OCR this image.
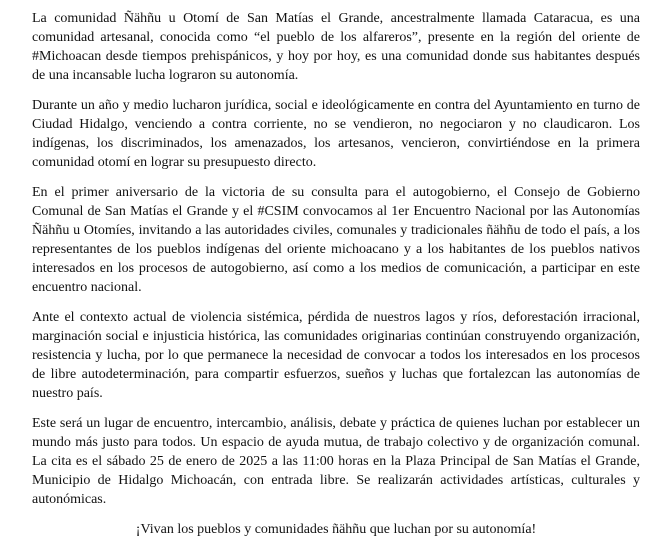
La comunidad Ñähñu u Otomí de San Matías el Grande, ancestralmente llamada Cataracua, es una comunidad artesanal, conocida como “el pueblo de los alfareros”, presente en la región del oriente de #Michoacan desde tiempos prehispánicos, y hoy por hoy, es una comunidad donde sus habitantes después de una incansable lucha lograron su autonomía.

Durante un año y medio lucharon jurídica, social e ideológicamente en contra del Ayuntamiento en turno de Ciudad Hidalgo, venciendo a contra corriente, no se vendieron, no negociaron y no claudicaron. Los indígenas, los discriminados, los amenazados, los artesanos, vencieron, convirtiéndose en la primera comunidad otomí en lograr su presupuesto directo.

En el primer aniversario de la victoria de su consulta para el autogobierno, el Consejo de Gobierno Comunal de San Matías el Grande y el #CSIM convocamos al 1er Encuentro Nacional por las Autonomías Ñähñu u Otomíes, invitando a las autoridades civiles, comunales y tradicionales ñähñu de todo el país, a los representantes de los pueblos indígenas del oriente michoacano y a los habitantes de los pueblos nativos interesados en los procesos de autogobierno, así como a los medios de comunicación, a participar en este encuentro nacional.

Ante el contexto actual de violencia sistémica, pérdida de nuestros lagos y ríos, deforestación irracional, marginación social e injusticia histórica, las comunidades originarias continúan construyendo organización, resistencia y lucha, por lo que permanece la necesidad de convocar a todos los interesados en los procesos de libre autodeterminación, para compartir esfuerzos, sueños y luchas que fortalezcan las autonomías de nuestro país.

Este será un lugar de encuentro, intercambio, análisis, debate y práctica de quienes luchan por establecer un mundo más justo para todos. Un espacio de ayuda mutua, de trabajo colectivo y de organización comunal. La cita es el sábado 25 de enero de 2025 a las 11:00 horas en la Plaza Principal de San Matías el Grande, Municipio de Hidalgo Michoacán, con entrada libre. Se realizarán actividades artísticas, culturales y autonómicas.

¡Vivan los pueblos y comunidades ñähñu que luchan por su autonomía!
